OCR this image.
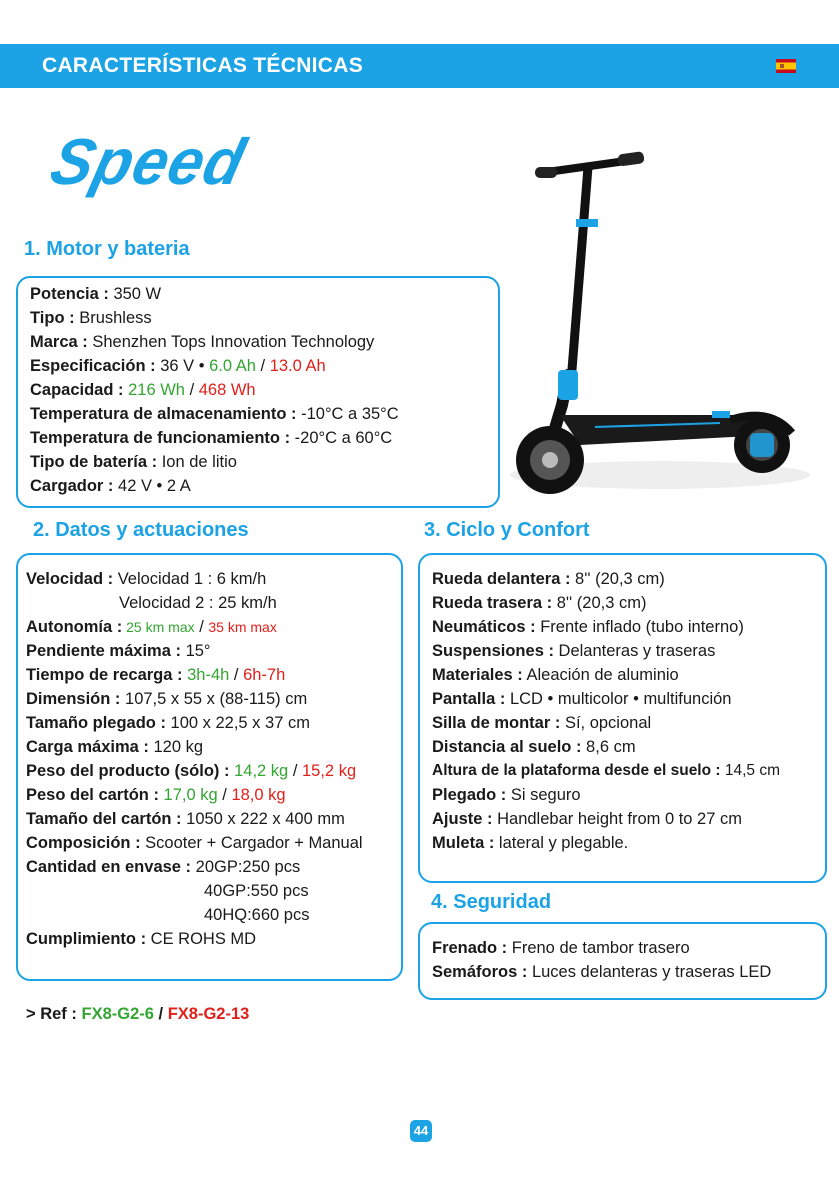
CARACTERÍSTICAS TÉCNICAS
Speed
1. Motor y bateria
Potencia : 350 W
Tipo : Brushless
Marca : Shenzhen Tops Innovation Technology
Especificación : 36 V • 6.0 Ah / 13.0 Ah
Capacidad : 216 Wh / 468 Wh
Temperatura de almacenamiento : -10°C a 35°C
Temperatura de funcionamiento : -20°C a 60°C
Tipo de batería : Ion de litio
Cargador : 42 V • 2 A
2. Datos y actuaciones
Velocidad : Velocidad 1 : 6 km/h
Velocidad 2 : 25 km/h
Autonomía : 25 km max / 35 km max
Pendiente máxima : 15°
Tiempo de recarga : 3h-4h / 6h-7h
Dimensión : 107,5 x 55 x (88-115) cm
Tamaño plegado : 100 x 22,5 x 37 cm
Carga máxima : 120 kg
Peso del producto (sólo) : 14,2 kg / 15,2 kg
Peso del cartón : 17,0 kg / 18,0 kg
Tamaño del cartón : 1050 x 222 x 400 mm
Composición : Scooter + Cargador + Manual
Cantidad en envase : 20GP:250 pcs
40GP:550 pcs
40HQ:660 pcs
Cumplimiento : CE ROHS MD
3. Ciclo y Confort
Rueda delantera : 8'' (20,3 cm)
Rueda trasera : 8'' (20,3 cm)
Neumáticos : Frente inflado (tubo interno)
Suspensiones : Delanteras y traseras
Materiales : Aleación de aluminio
Pantalla : LCD • multicolor • multifunción
Silla de montar : Sí, opcional
Distancia al suelo : 8,6 cm
Altura de la plataforma desde el suelo : 14,5 cm
Plegado : Si seguro
Ajuste : Handlebar height from 0 to 27 cm
Muleta : lateral y plegable.
4. Seguridad
Frenado : Freno de tambor trasero
Semáforos : Luces delanteras y traseras LED
> Ref : FX8-G2-6 / FX8-G2-13
44
